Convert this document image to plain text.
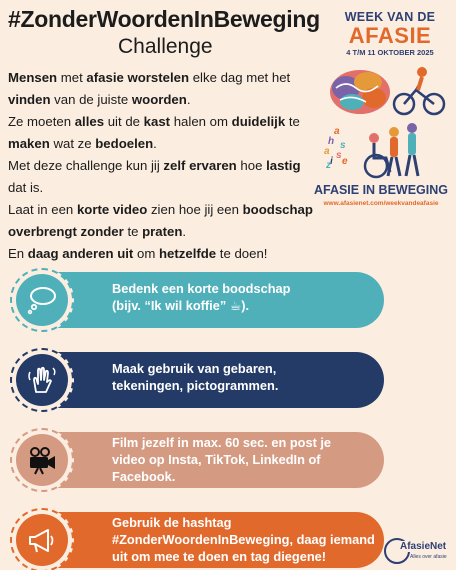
#ZonderWoordenInBeweging
Challenge

Mensen met afasie worstelen elke dag met het

vinden van de juiste woorden.

Ze moeten alles uit de kast halen om duidelijk te

maken wat ze bedoelen.

Met deze challenge kun jij zelf ervaren hoe lastig

dat is.

Laat in een korte video zien hoe jij een boodschap

overbrengt zonder te praten.

En daag anderen uit om hetzelfde te doen!

WEEK VAN DE
AFASIE
4 T/M 11 OKTOBER 2025
a
h s
a s
i e
z
AFASIE IN BEWEGING
www.afasienet.com/weekvandeafasie
Bedenk een korte boodschap
(bijv. “Ik wil koffie” ☕).
Maak gebruik van gebaren,
tekeningen, pictogrammen.
Film jezelf in max. 60 sec. en post je
video op Insta, TikTok, LinkedIn of
Facebook.
Gebruik de hashtag
#ZonderWoordenInBeweging, daag iemand
uit om mee te doen en tag diegene!
AfasieNet
Alles over afasie
